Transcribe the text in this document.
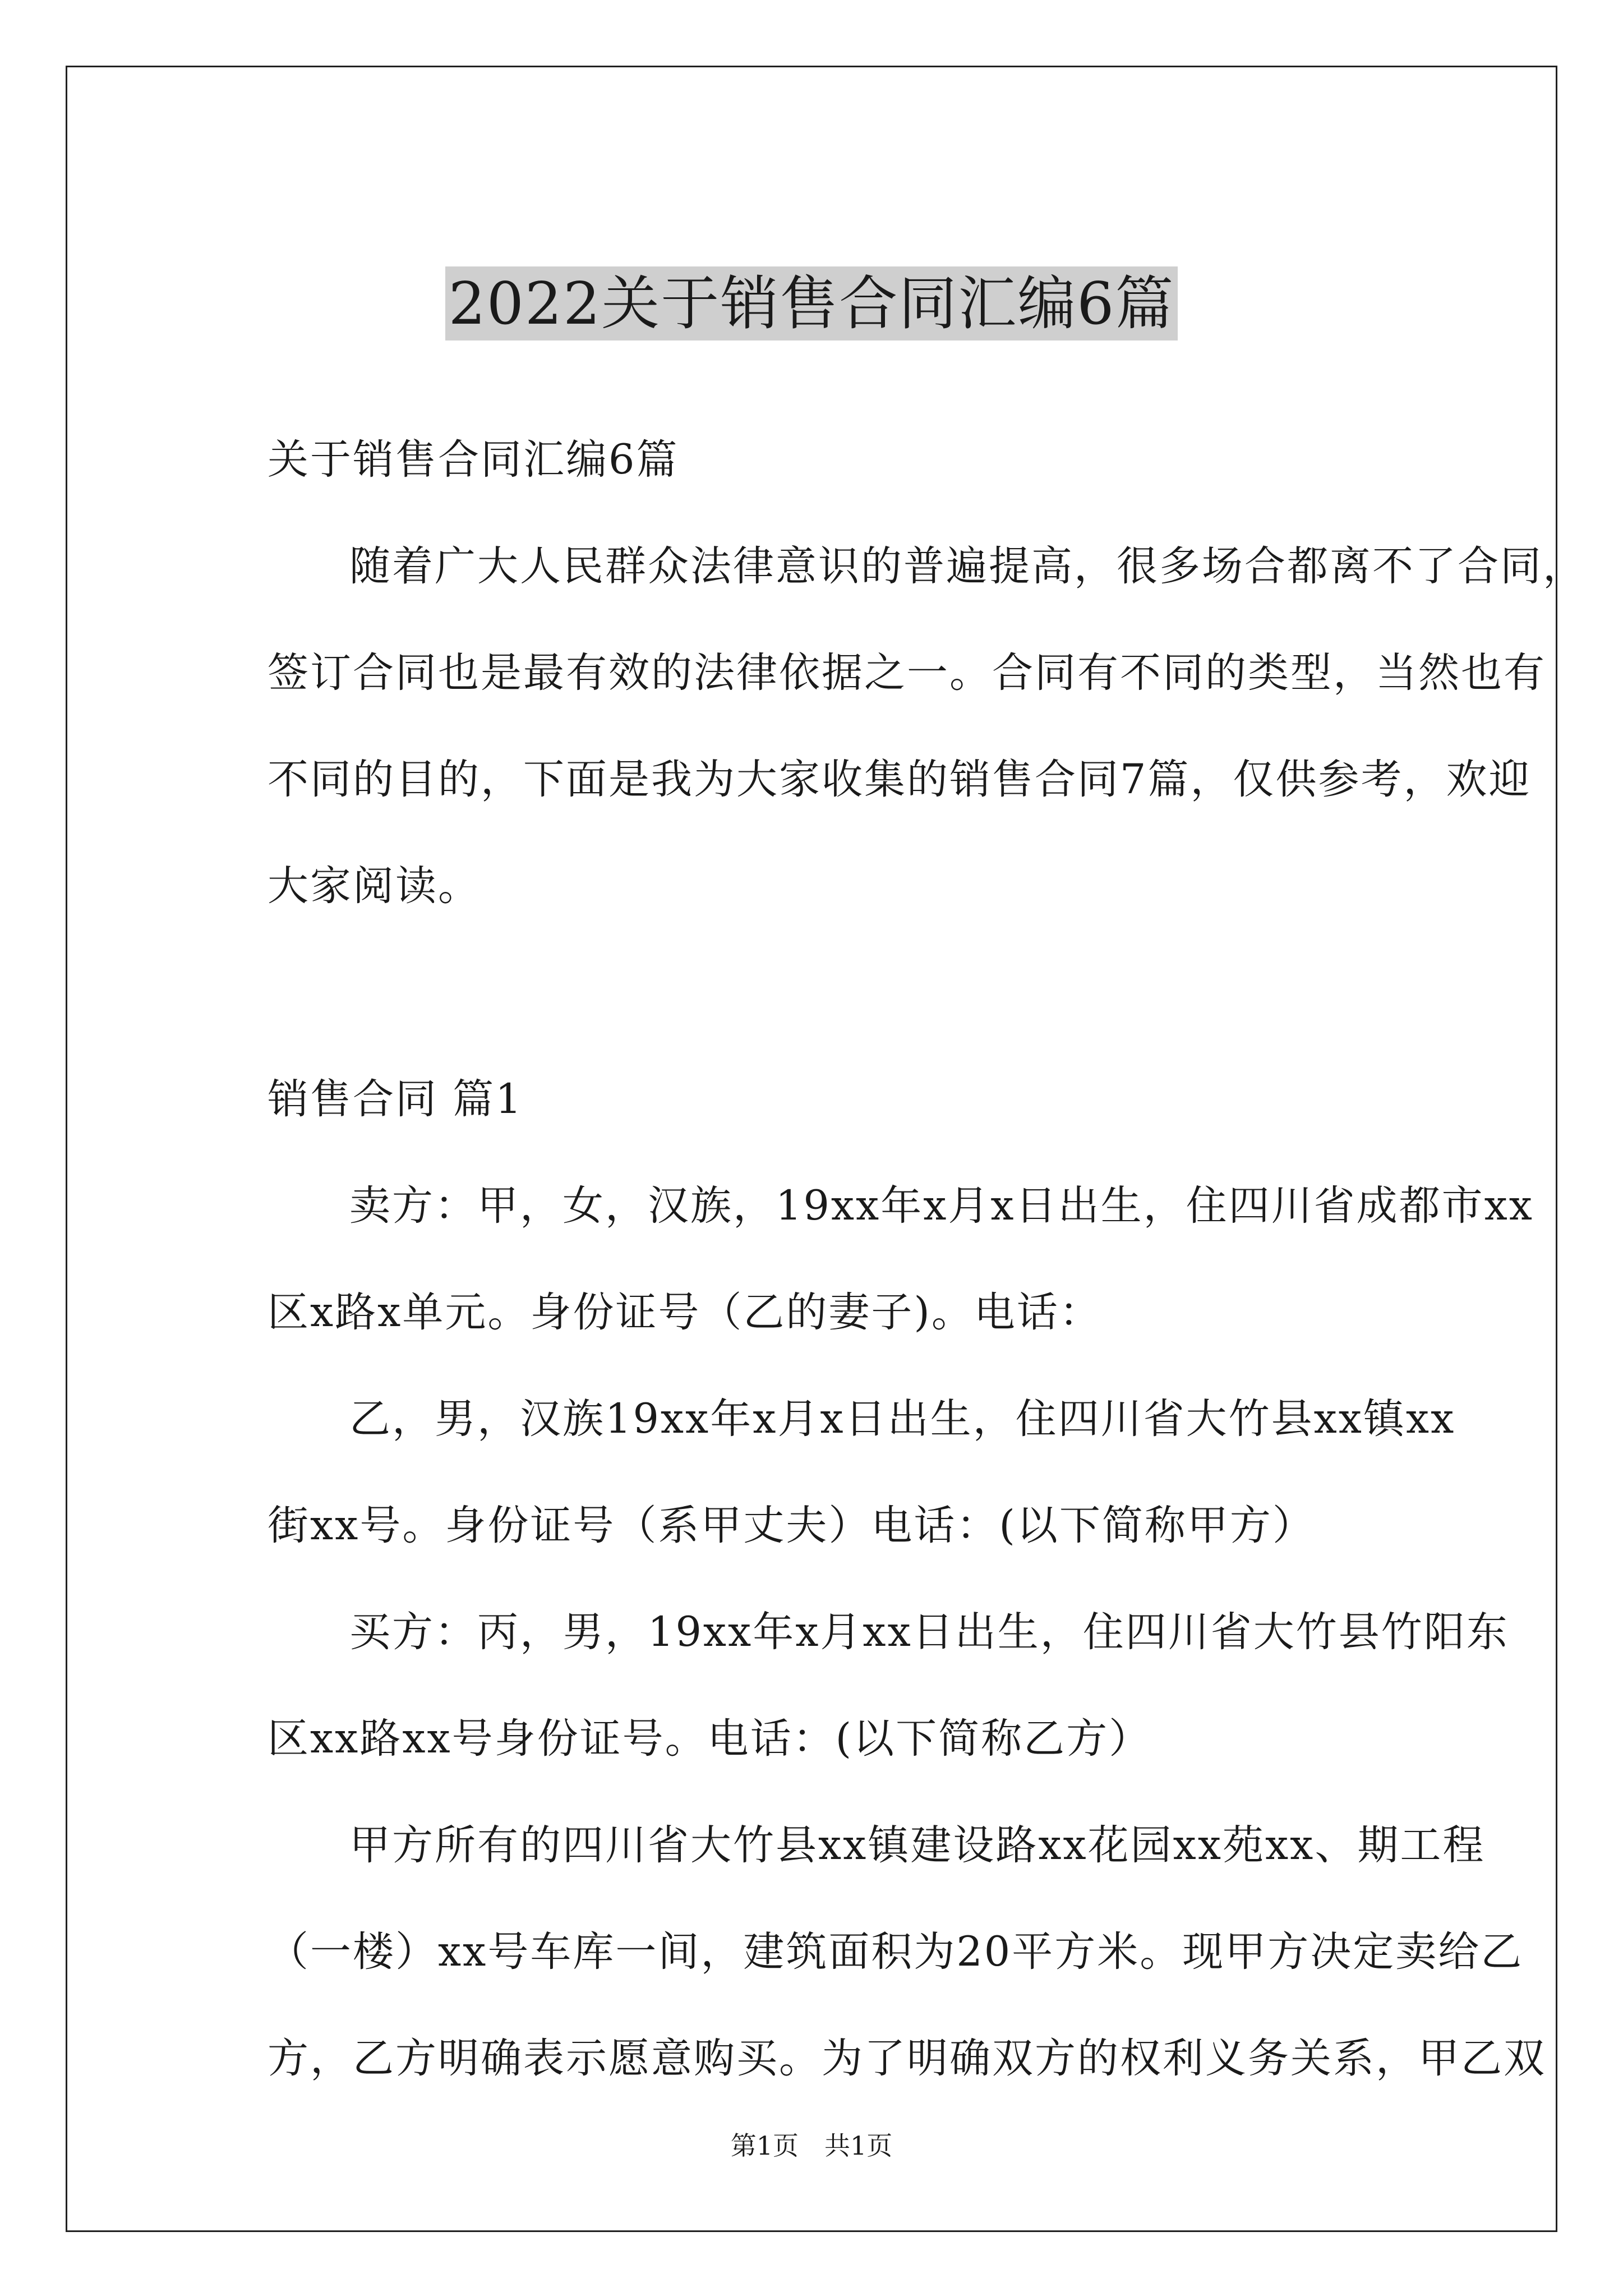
2022关于销售合同汇编6篇
关于销售合同汇编6篇
随着广大人民群众法律意识的普遍提高，很多场合都离不了合同，
签订合同也是最有效的法律依据之一。合同有不同的类型，当然也有
不同的目的，下面是我为大家收集的销售合同7篇，仅供参考，欢迎
大家阅读。
销售合同 篇1
卖方：甲，女，汉族，19xx年x月x日出生，住四川省成都市xx
区x路x单元。身份证号（乙的妻子)。电话：
乙，男，汉族19xx年x月x日出生，住四川省大竹县xx镇xx
街xx号。身份证号（系甲丈夫）电话：(以下简称甲方）
买方：丙，男，19xx年x月xx日出生，住四川省大竹县竹阳东
区xx路xx号身份证号。电话：(以下简称乙方）
甲方所有的四川省大竹县xx镇建设路xx花园xx苑xx、期工程
（一楼）xx号车库一间，建筑面积为20平方米。现甲方决定卖给乙
方，乙方明确表示愿意购买。为了明确双方的权利义务关系，甲乙双
第1页　共1页
